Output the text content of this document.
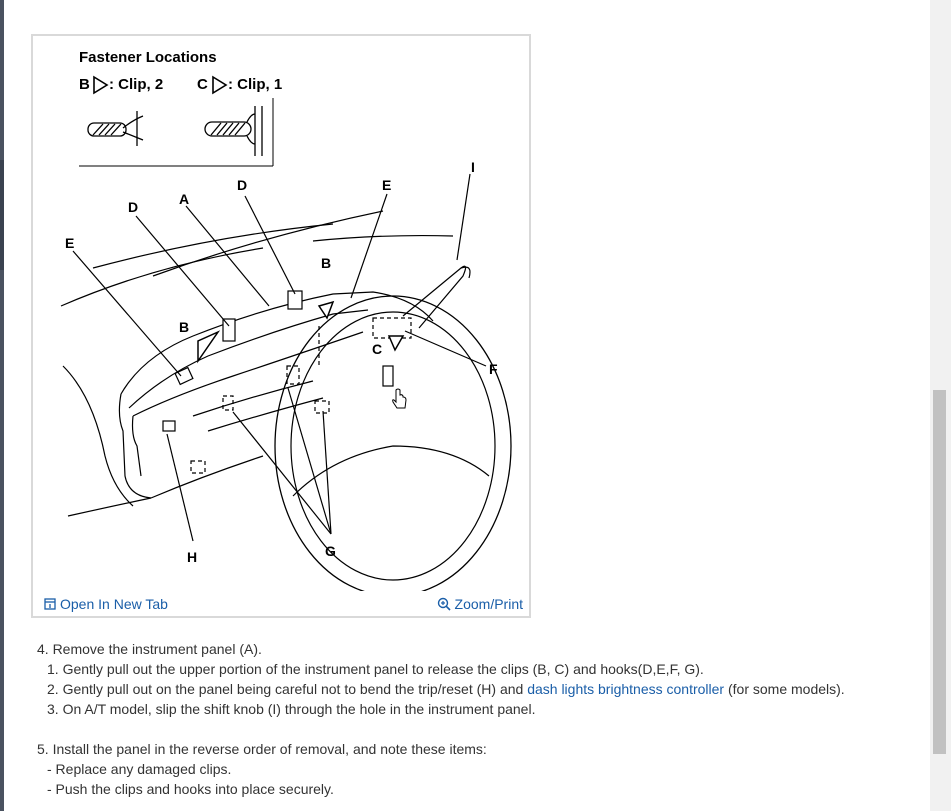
Fastener Locations
B : Clip, 2 C : Clip, 1
A
B
B
C
D
D
E
E
F
G
H
I
Open In New Tab	Zoom/Print

4. Remove the instrument panel (A).

1. Gently pull out the upper portion of the instrument panel to release the clips (B, C) and hooks(D,E,F, G).

2. Gently pull out on the panel being careful not to bend the trip/reset (H) and dash lights brightness controller (for some models).

3. On A/T model, slip the shift knob (I) through the hole in the instrument panel.

5. Install the panel in the reverse order of removal, and note these items:

- Replace any damaged clips.

- Push the clips and hooks into place securely.
